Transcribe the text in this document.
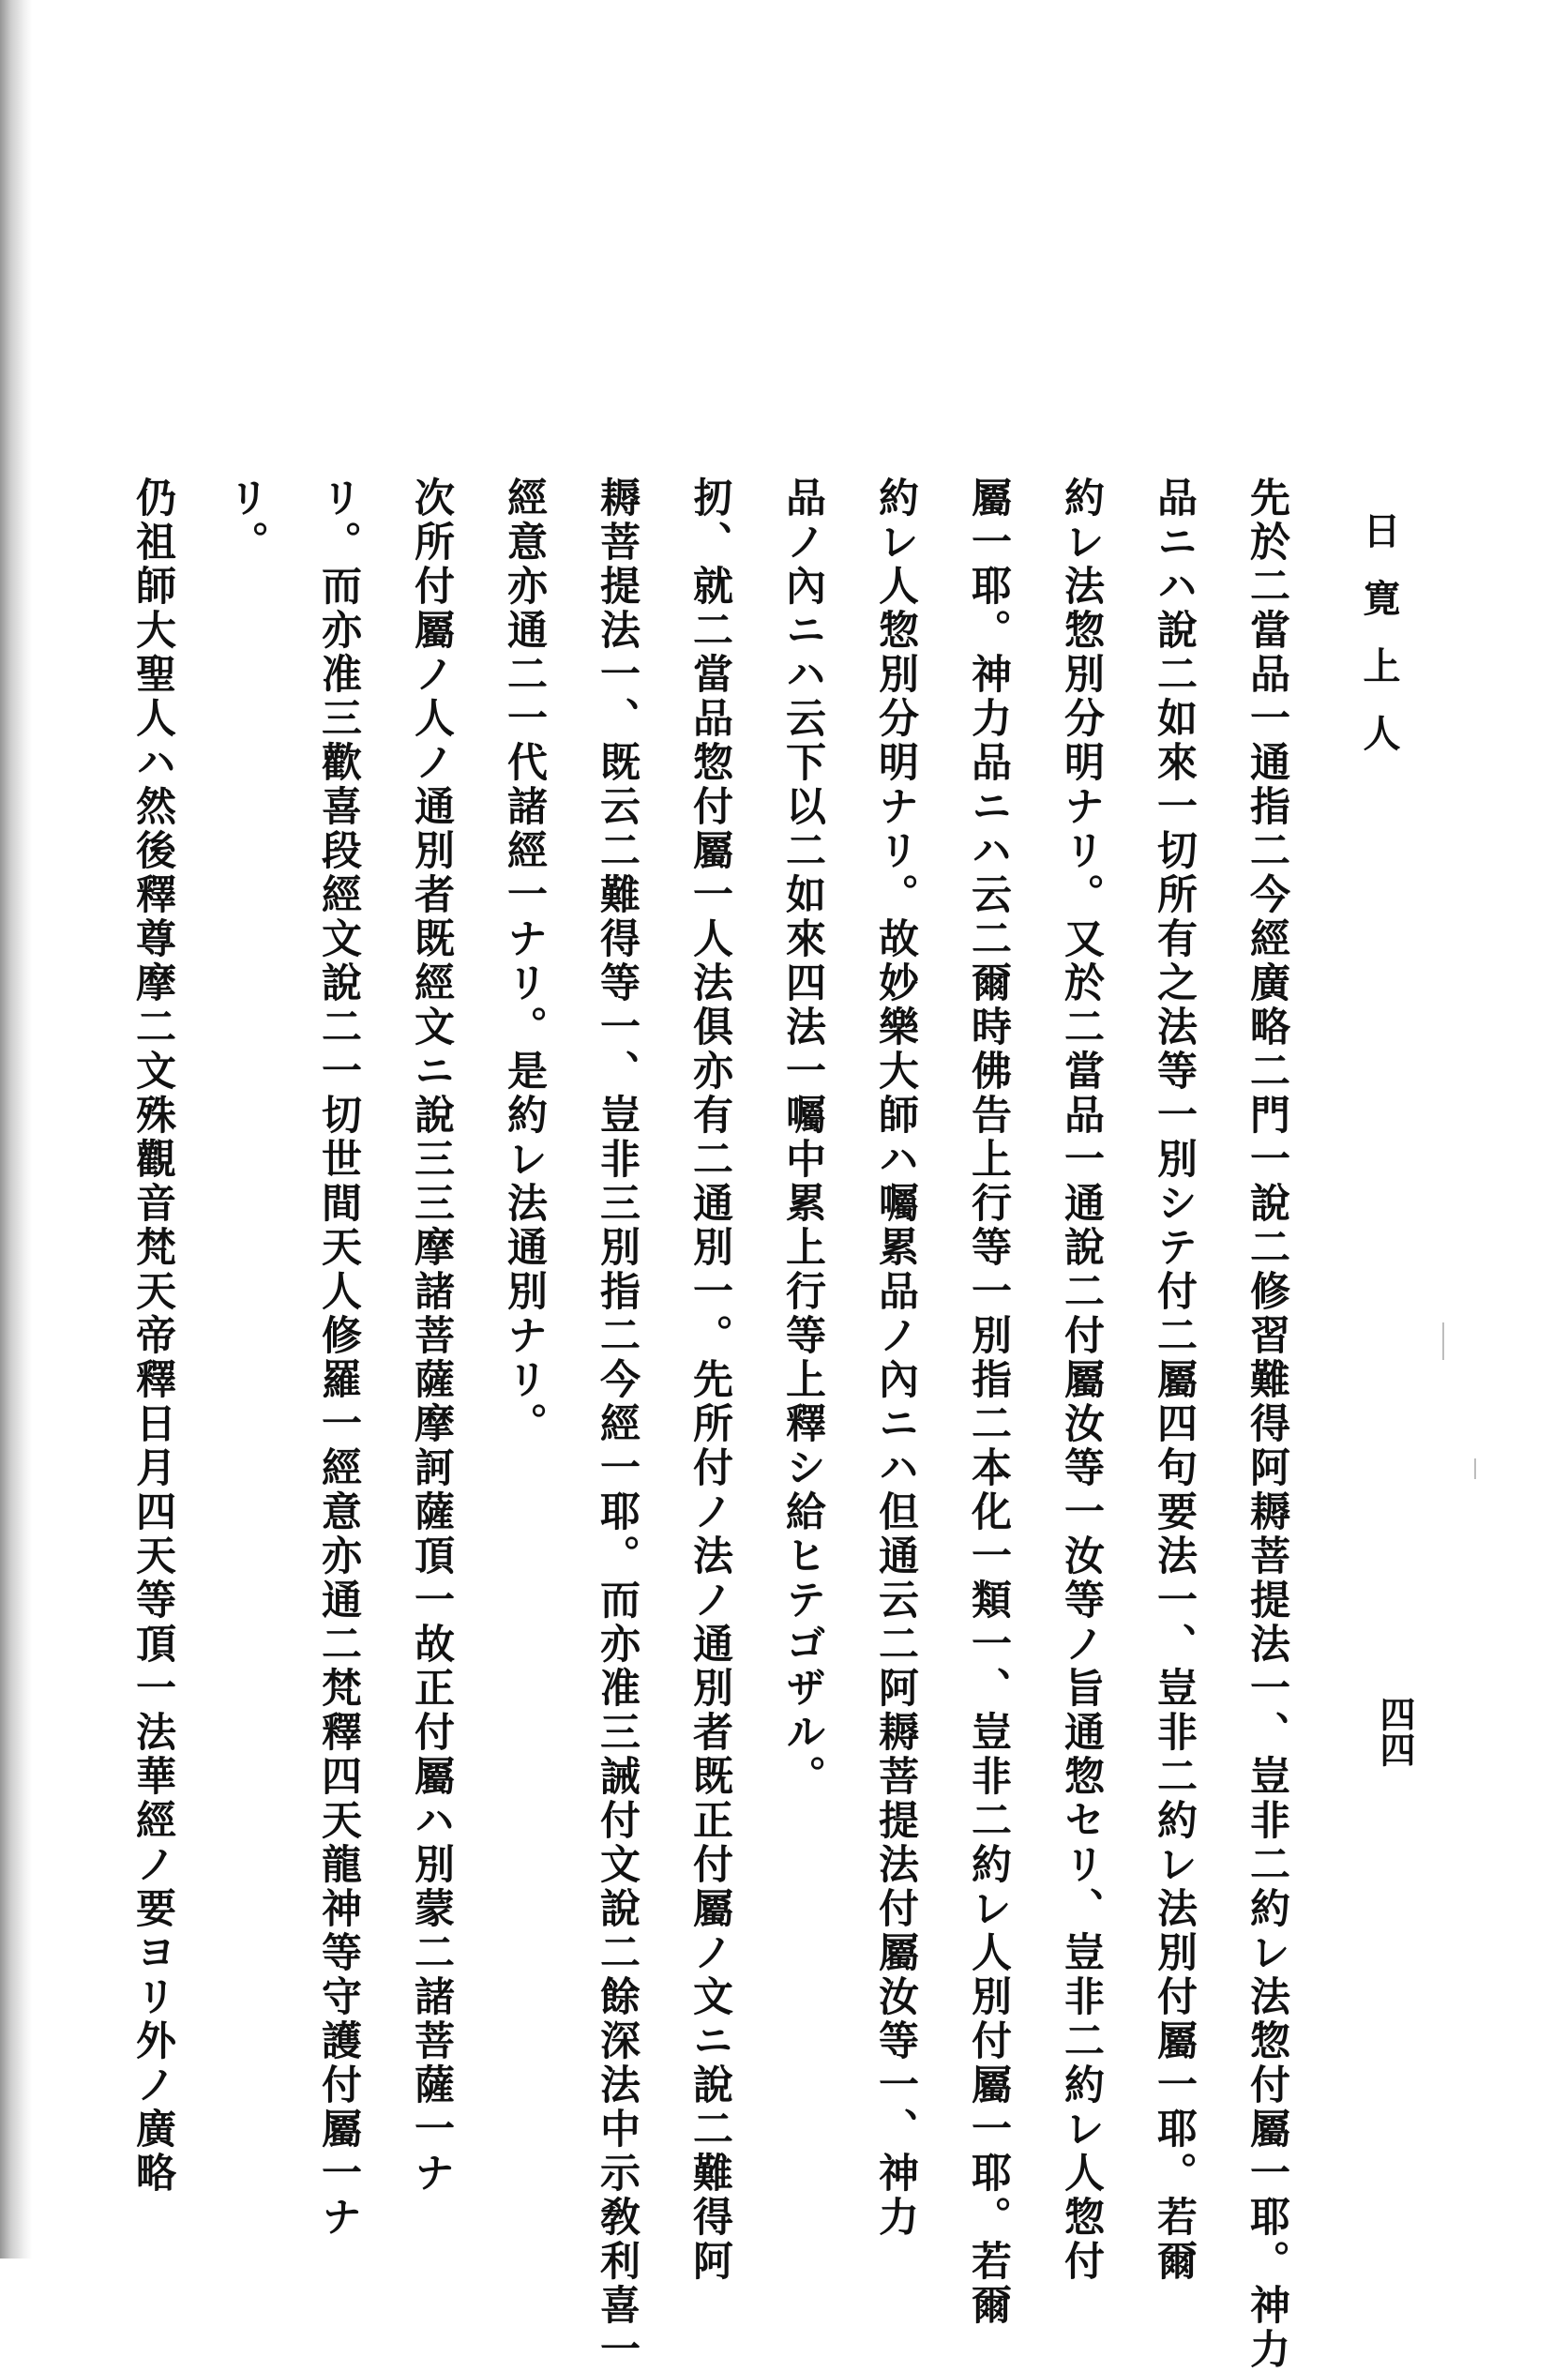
日寛上人
四四
先於二當品一通指二今經廣略二門一說二修習難得阿耨菩提法一、豈非二約レ法惣付屬一耶。神力
品ニハ說二如來一切所有之法等一別シテ付二屬四句要法一、豈非二約レ法別付屬一耶。若爾
約レ法惣別分明ナリ。又於二當品一通說二付屬汝等一汝等ノ旨通惣セリ、豈非二約レ人惣付
屬一耶。神力品ニハ云二爾時佛告上行等一別指二本化一類一、豈非二約レ人別付屬一耶。若爾
約レ人惣別分明ナリ。故妙樂大師ハ囑累品ノ內ニハ但通云二阿耨菩提法付屬汝等一、神力
品ノ內ニハ云下以二如來四法一囑中累上行等上釋シ給ヒテゴザル。
扨、就二當品惣付屬一人法俱亦有二通別一。先所付ノ法ノ通別者既正付屬ノ文ニ說二難得阿
耨菩提法一、既云二難得等一、豈非三別指二今經一耶。而亦准三誡付文說二餘深法中示敎利喜一
經意亦通二一代諸經一ナリ。是約レ法通別ナリ。
次所付屬ノ人ノ通別者既經文ニ說三三摩諸菩薩摩訶薩頂一故正付屬ハ別蒙二諸菩薩一ナ
リ。而亦准三歡喜段經文說二一切世間天人修羅一經意亦通二梵釋四天龍神等守護付屬一ナ
リ。
仍祖師大聖人ハ然後釋尊摩二文殊觀音梵天帝釋日月四天等頂一法華經ノ要ヨリ外ノ廣略
